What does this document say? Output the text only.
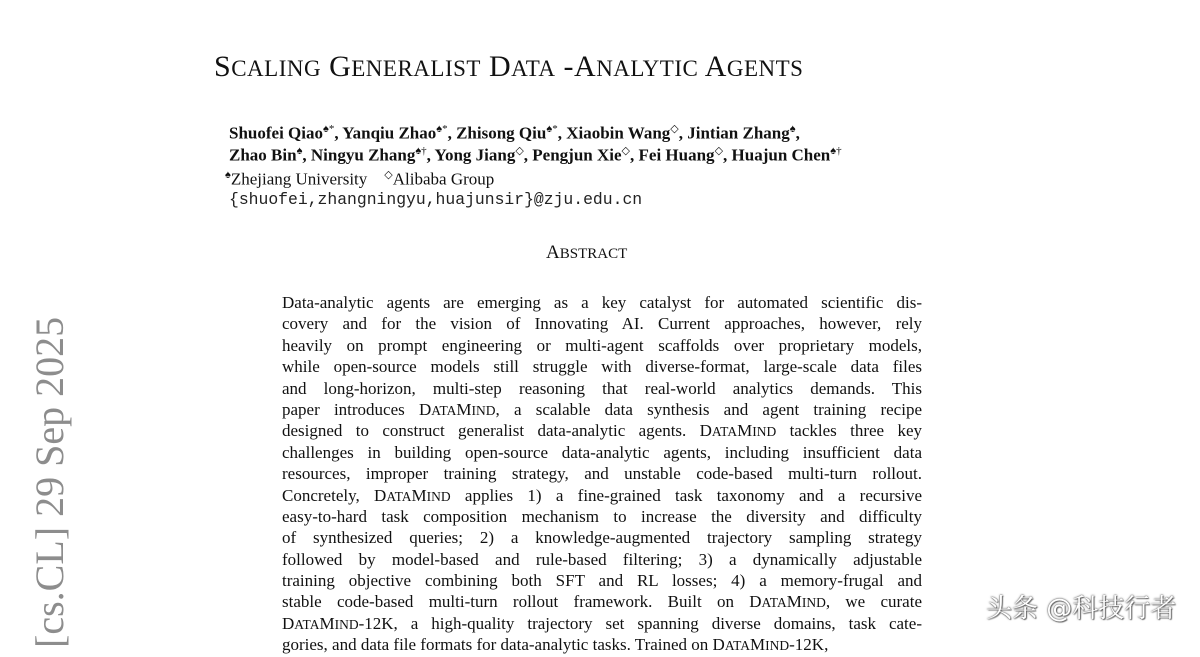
SCALING GENERALIST DATA -ANALYTIC AGENTS
Shuofei Qiao♠*, Yanqiu Zhao♠*, Zhisong Qiu♠*, Xiaobin Wang◇, Jintian Zhang♠,
Zhao Bin♠, Ningyu Zhang♠†, Yong Jiang◇, Pengjun Xie◇, Fei Huang◇, Huajun Chen♠†
♠Zhejiang University ◇Alibaba Group
{shuofei,zhangningyu,huajunsir}@zju.edu.cn
ABSTRACT
Data-analytic agents are emerging as a key catalyst for automated scientific dis-
covery and for the vision of Innovating AI. Current approaches, however, rely
heavily on prompt engineering or multi-agent scaffolds over proprietary models,
while open-source models still struggle with diverse-format, large-scale data files
and long-horizon, multi-step reasoning that real-world analytics demands. This
paper introduces DATAMIND, a scalable data synthesis and agent training recipe
designed to construct generalist data-analytic agents. DATAMIND tackles three key
challenges in building open-source data-analytic agents, including insufficient data
resources, improper training strategy, and unstable code-based multi-turn rollout.
Concretely, DATAMIND applies 1) a fine-grained task taxonomy and a recursive
easy-to-hard task composition mechanism to increase the diversity and difficulty
of synthesized queries; 2) a knowledge-augmented trajectory sampling strategy
followed by model-based and rule-based filtering; 3) a dynamically adjustable
training objective combining both SFT and RL losses; 4) a memory-frugal and
stable code-based multi-turn rollout framework. Built on DATAMIND, we curate
DATAMIND-12K, a high-quality trajectory set spanning diverse domains, task cate-
gories, and data file formats for data-analytic tasks. Trained on DATAMIND-12K,
[cs.CL] 29 Sep 2025	头条 @科技行者
